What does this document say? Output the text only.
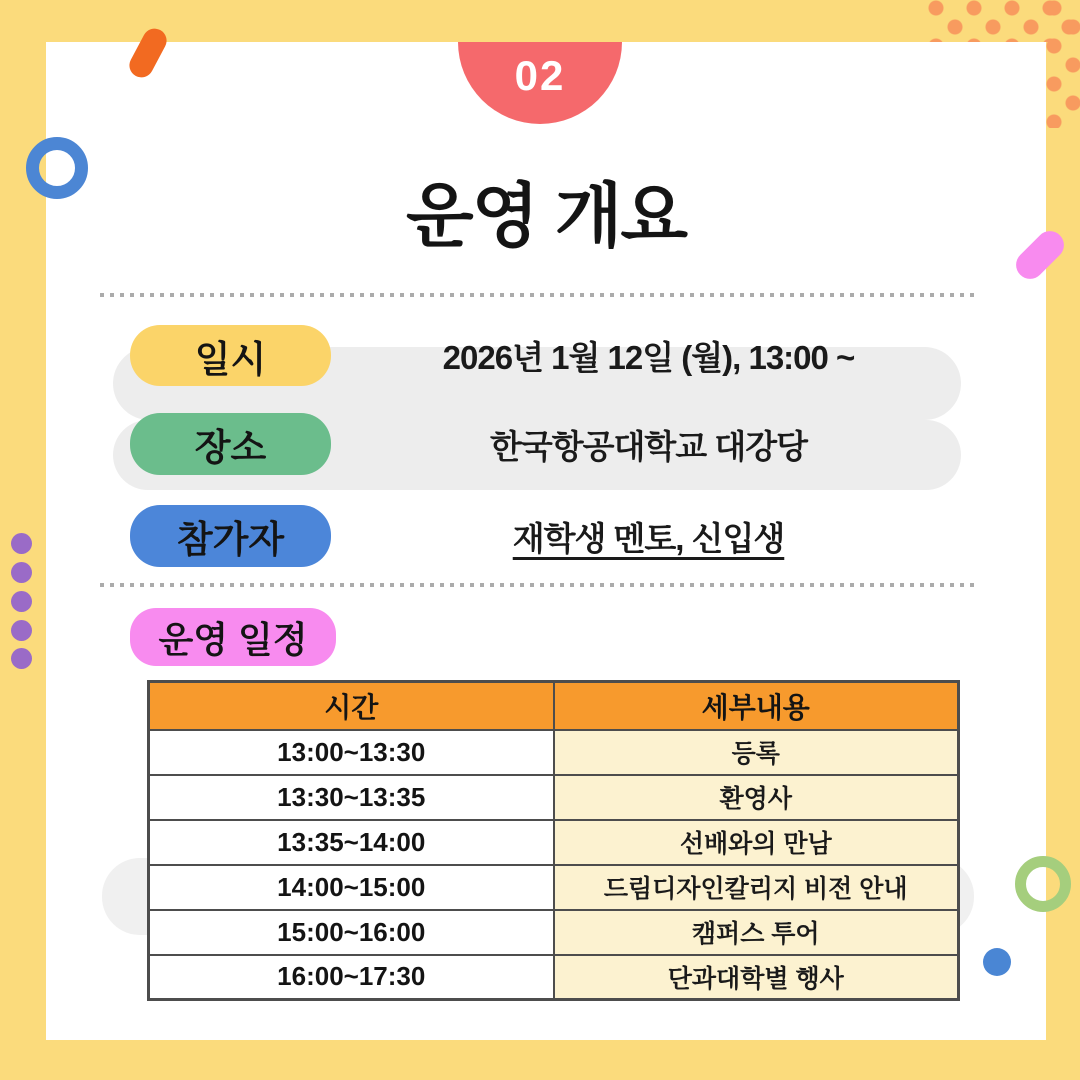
02
운영 개요
일시	2026년 1월 12일 (월), 13:00 ~
장소	한국항공대학교 대강당
참가자	재학생 멘토, 신입생
운영 일정
시간	세부내용
13:00~13:30	등록
13:30~13:35	환영사
13:35~14:00	선배와의 만남
14:00~15:00	드림디자인칼리지 비전 안내
15:00~16:00	캠퍼스 투어
16:00~17:30	단과대학별 행사
